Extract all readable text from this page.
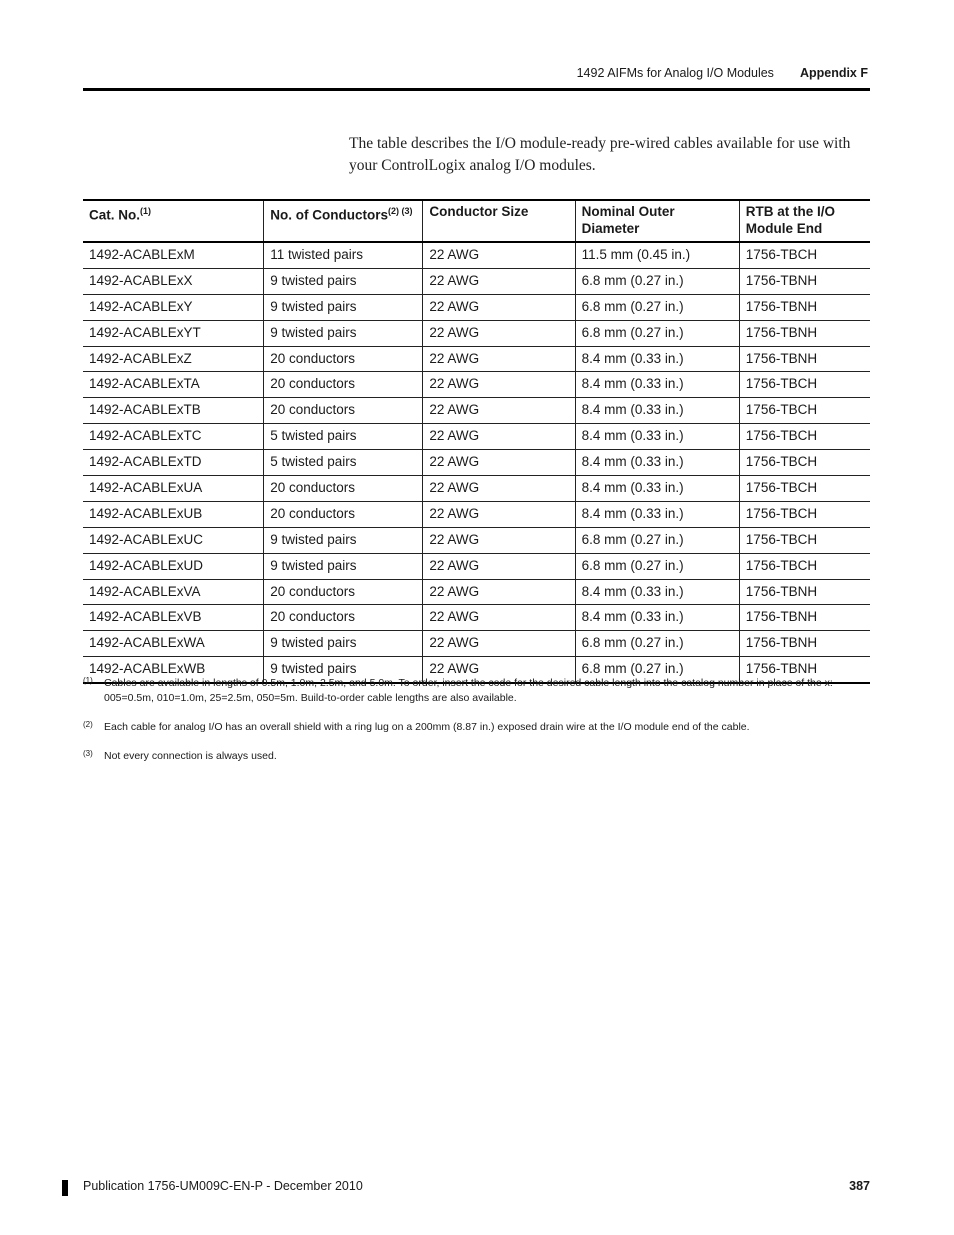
1492 AIFMs for Analog I/O Modules Appendix F

The table describes the I/O module-ready pre-wired cables available for use with your ControlLogix analog I/O modules.

Cat. No.$^{(1)}$	No. of Conductors$^{(2) (3)}$	Conductor Size	Nominal Outer Diameter	RTB at the I/O Module End
1492-ACABLExM	11 twisted pairs	22 AWG	11.5 mm (0.45 in.)	1756-TBCH
1492-ACABLExX	9 twisted pairs	22 AWG	6.8 mm (0.27 in.)	1756-TBNH
1492-ACABLExY	9 twisted pairs	22 AWG	6.8 mm (0.27 in.)	1756-TBNH
1492-ACABLExYT	9 twisted pairs	22 AWG	6.8 mm (0.27 in.)	1756-TBNH
1492-ACABLExZ	20 conductors	22 AWG	8.4 mm (0.33 in.)	1756-TBNH
1492-ACABLExTA	20 conductors	22 AWG	8.4 mm (0.33 in.)	1756-TBCH
1492-ACABLExTB	20 conductors	22 AWG	8.4 mm (0.33 in.)	1756-TBCH
1492-ACABLExTC	5 twisted pairs	22 AWG	8.4 mm (0.33 in.)	1756-TBCH
1492-ACABLExTD	5 twisted pairs	22 AWG	8.4 mm (0.33 in.)	1756-TBCH
1492-ACABLExUA	20 conductors	22 AWG	8.4 mm (0.33 in.)	1756-TBCH
1492-ACABLExUB	20 conductors	22 AWG	8.4 mm (0.33 in.)	1756-TBCH
1492-ACABLExUC	9 twisted pairs	22 AWG	6.8 mm (0.27 in.)	1756-TBCH
1492-ACABLExUD	9 twisted pairs	22 AWG	6.8 mm (0.27 in.)	1756-TBCH
1492-ACABLExVA	20 conductors	22 AWG	8.4 mm (0.33 in.)	1756-TBNH
1492-ACABLExVB	20 conductors	22 AWG	8.4 mm (0.33 in.)	1756-TBNH
1492-ACABLExWA	9 twisted pairs	22 AWG	6.8 mm (0.27 in.)	1756-TBNH
1492-ACABLExWB	9 twisted pairs	22 AWG	6.8 mm (0.27 in.)	1756-TBNH
(1)	Cables are available in lengths of 0.5m, 1.0m, 2.5m, and 5.0m. To order, insert the code for the desired cable length into the catalog number in place of the x: 005=0.5m, 010=1.0m, 25=2.5m, 050=5m. Build-to-order cable lengths are also available.
(2)	Each cable for analog I/O has an overall shield with a ring lug on a 200mm (8.87 in.) exposed drain wire at the I/O module end of the cable.
(3)	Not every connection is always used.
Publication 1756-UM009C-EN-P - December 2010	387
